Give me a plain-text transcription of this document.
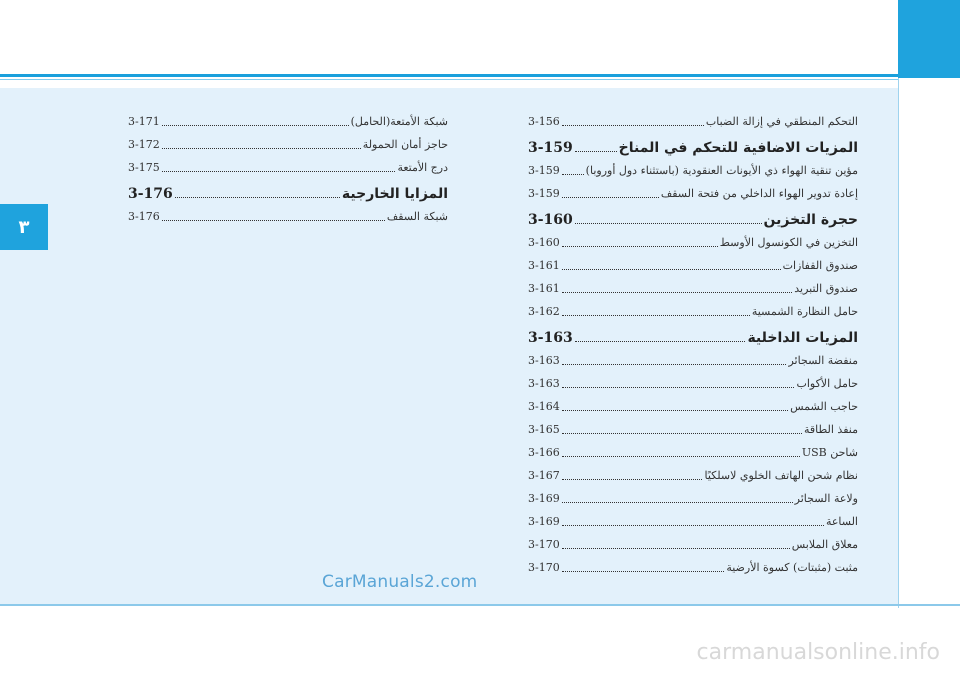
٣
3-171	شبكة الأمتعة(الحامل)
3-172	حاجز أمان الحمولة
3-175	درج الأمتعة
3-176	المزايا الخارجية
3-176	شبكة السقف
3-156	التحكم المنطقي في إزالة الضباب
3-159	المزيات الاضافية للتحكم في المناخ
3-159 مؤين تنقية الهواء ذي الأيونات العنقودية (باستثناء دول أوروبا)
3-159	إعادة تدوير الهواء الداخلي من فتحة السقف
3-160	حجرة التخزين
3-160	التخزين في الكونسول الأوسط
3-161	صندوق القفازات
3-161	صندوق التبريد
3-162	حامل النظارة الشمسية
3-163	المزيات الداخلية
3-163	منفضة السجائر
3-163	حامل الأكواب
3-164	حاجب الشمس
3-165	منفذ الطاقة
3-166	شاحن USB
3-167	نظام شحن الهاتف الخلوي لاسلكيًا
3-169	ولاعة السجائر
3-169	الساعة
3-170	معلاق الملابس
3-170	مثبت (مثبتات) كسوة الأرضية
CarManuals2.com
carmanualsonline.info
